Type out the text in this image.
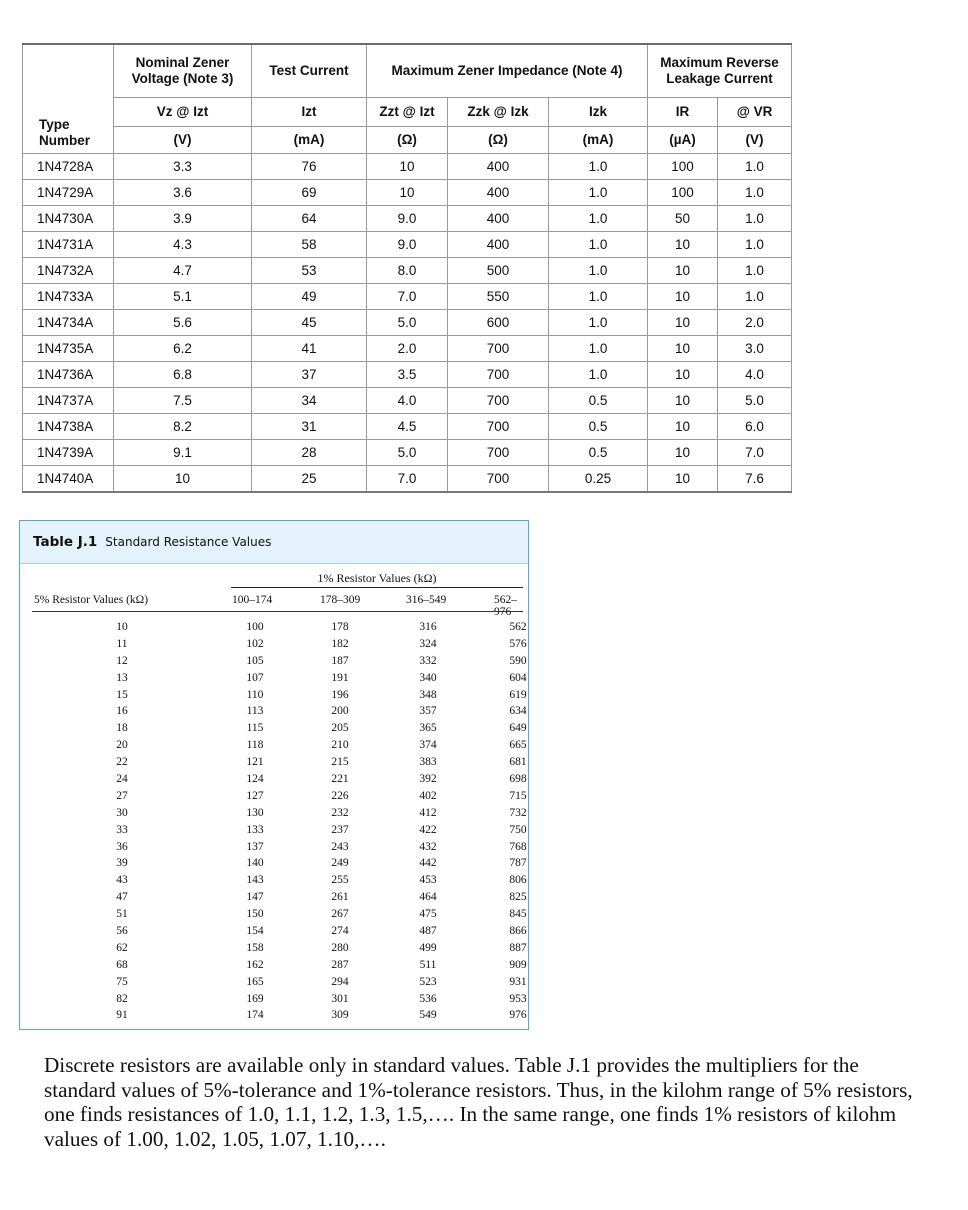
Type Number	Nominal Zener Voltage (Note 3)	Test Current	Maximum Zener Impedance (Note 4)			Maximum Reverse Leakage Current	
	Vz @ Izt	Izt	Zzt @ Izt	Zzk @ Izk	Izk	IR	@ VR
	(V)	(mA)	(Ω)	(Ω)	(mA)	(µA)	(V)
1N4728A	3.3	76	10	400	1.0	100	1.0
1N4729A	3.6	69	10	400	1.0	100	1.0
1N4730A	3.9	64	9.0	400	1.0	50	1.0
1N4731A	4.3	58	9.0	400	1.0	10	1.0
1N4732A	4.7	53	8.0	500	1.0	10	1.0
1N4733A	5.1	49	7.0	550	1.0	10	1.0
1N4734A	5.6	45	5.0	600	1.0	10	2.0
1N4735A	6.2	41	2.0	700	1.0	10	3.0
1N4736A	6.8	37	3.5	700	1.0	10	4.0
1N4737A	7.5	34	4.0	700	0.5	10	5.0
1N4738A	8.2	31	4.5	700	0.5	10	6.0
1N4739A	9.1	28	5.0	700	0.5	10	7.0
1N4740A	10	25	7.0	700	0.25	10	7.6
Table J.1 Standard Resistance Values
1% Resistor Values (kΩ)
5% Resistor Values (kΩ)	100–174	178–309	316–549	562–976
10	100	178	316	562
11	102	182	324	576
12	105	187	332	590
13	107	191	340	604
15	110	196	348	619
16	113	200	357	634
18	115	205	365	649
20	118	210	374	665
22	121	215	383	681
24	124	221	392	698
27	127	226	402	715
30	130	232	412	732
33	133	237	422	750
36	137	243	432	768
39	140	249	442	787
43	143	255	453	806
47	147	261	464	825
51	150	267	475	845
56	154	274	487	866
62	158	280	499	887
68	162	287	511	909
75	165	294	523	931
82	169	301	536	953
91	174	309	549	976
Discrete resistors are available only in standard values. Table J.1 provides the multipliers for the standard values of 5%-tolerance and 1%-tolerance resistors. Thus, in the kilohm range of 5% resistors, one finds resistances of 1.0, 1.1, 1.2, 1.3, 1.5,…. In the same range, one finds 1% resistors of kilohm values of 1.00, 1.02, 1.05, 1.07, 1.10,….
